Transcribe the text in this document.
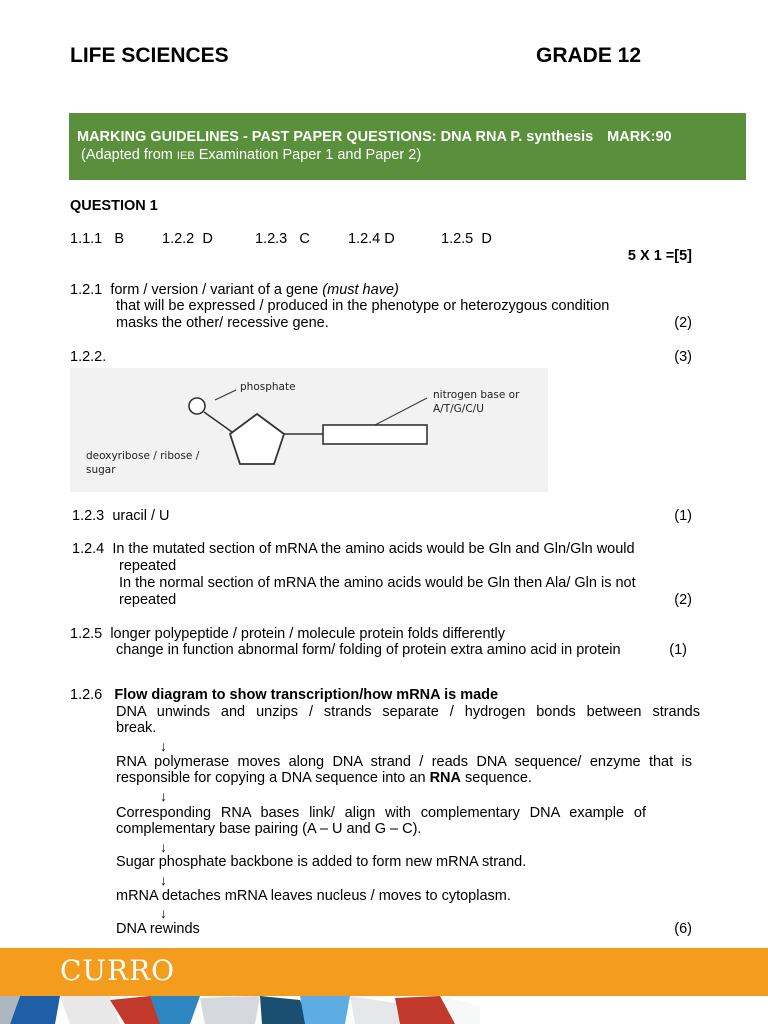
LIFE SCIENCES	GRADE 12
MARKING GUIDELINES - PAST PAPER QUESTIONS: DNA RNA P. synthesis MARK:90
(Adapted from IEB Examination Paper 1 and Paper 2)
QUESTION 1
1.1.1 B	1.2.2 D	1.2.3 C	1.2.4 D	1.2.5 D
5 X 1 =[5]
1.2.1 form / version / variant of a gene (must have)
that will be expressed / produced in the phenotype or heterozygous condition
masks the other/ recessive gene.	(2)
1.2.2.	(3)
phosphate
nitrogen base or
A/T/G/C/U
deoxyribose / ribose /
sugar
1.2.3 uracil / U	(1)
1.2.4 In the mutated section of mRNA the amino acids would be Gln and Gln/Gln would
repeated
In the normal section of mRNA the amino acids would be Gln then Ala/ Gln is not
repeated	(2)
1.2.5 longer polypeptide / protein / molecule protein folds differently
change in function abnormal form/ folding of protein extra amino acid in protein	(1)
1.2.6 Flow diagram to show transcription/how mRNA is made
DNA unwinds and unzips / strands separate / hydrogen bonds between strands
break.
↓
RNA polymerase moves along DNA strand / reads DNA sequence/ enzyme that is
responsible for copying a DNA sequence into an RNA sequence.
↓
Corresponding RNA bases link/ align with complementary DNA example of
complementary base pairing (A – U and G – C).
↓
Sugar phosphate backbone is added to form new mRNA strand.
↓
mRNA detaches mRNA leaves nucleus / moves to cytoplasm.
↓
DNA rewinds	(6)
CURRO
